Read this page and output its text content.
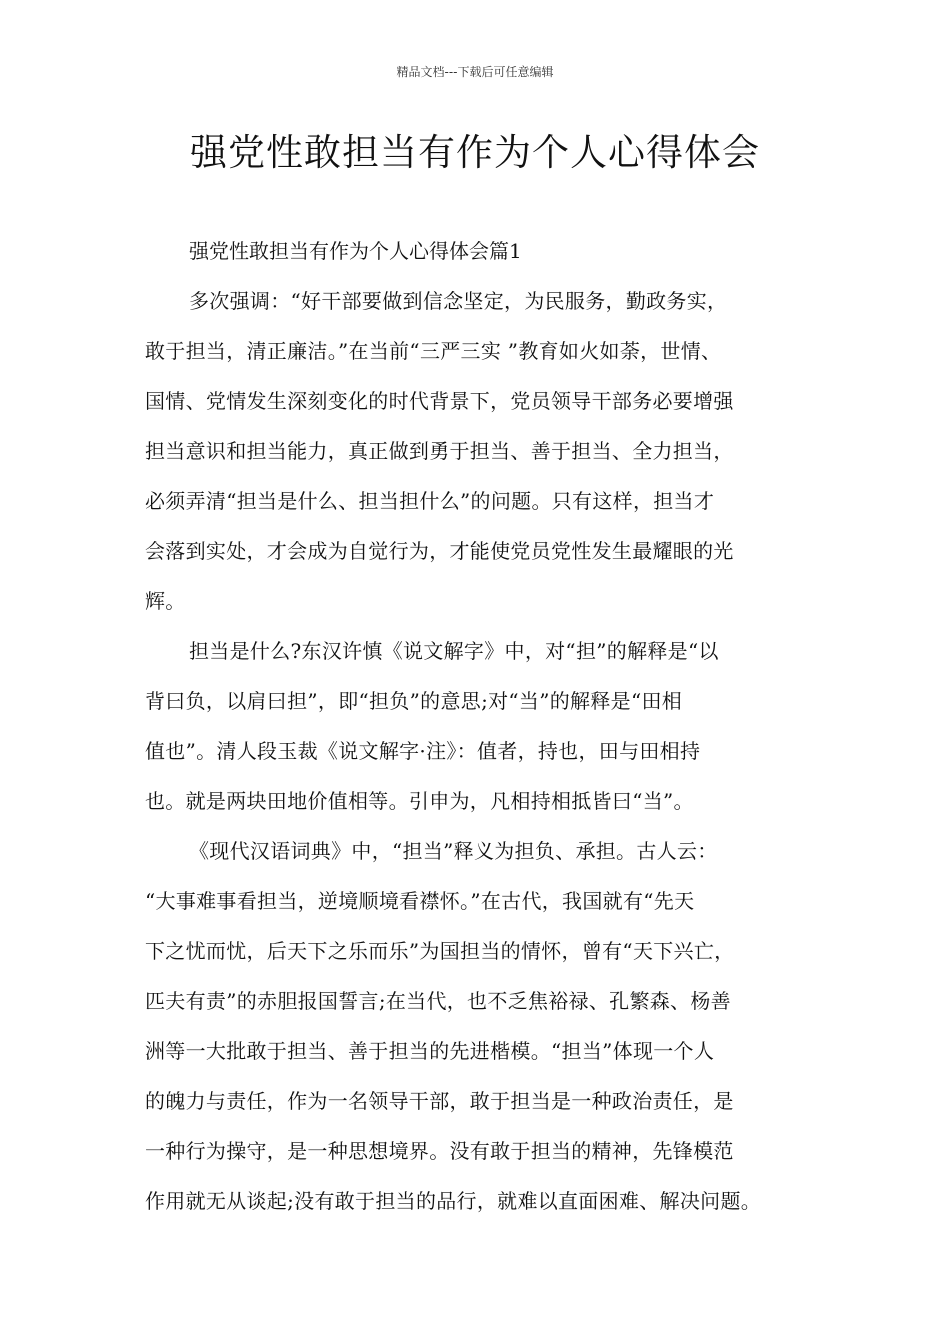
精品文档---下载后可任意编辑
强党性敢担当有作为个人心得体会

强党性敢担当有作为个人心得体会篇1

多次强调：“好干部要做到信念坚定，为民服务，勤政务实，
敢于担当，清正廉洁。”在当前“三严三实 ”教育如火如荼，世情、
国情、党情发生深刻变化的时代背景下，党员领导干部务必要增强
担当意识和担当能力，真正做到勇于担当、善于担当、全力担当，
必须弄清“担当是什么、担当担什么”的问题。只有这样，担当才
会落到实处，才会成为自觉行为，才能使党员党性发生最耀眼的光
辉。

担当是什么?东汉许慎《说文解字》中，对“担”的解释是“以
背曰负，以肩曰担”，即“担负”的意思;对“当”的解释是“田相
值也”。清人段玉裁《说文解字·注》：值者，持也，田与田相持
也。就是两块田地价值相等。引申为，凡相持相抵皆曰“当”。

《现代汉语词典》中，“担当”释义为担负、承担。古人云：
“大事难事看担当，逆境顺境看襟怀。”在古代，我国就有“先天
下之忧而忧，后天下之乐而乐”为国担当的情怀，曾有“天下兴亡，
匹夫有责”的赤胆报国誓言;在当代，也不乏焦裕禄、孔繁森、杨善
洲等一大批敢于担当、善于担当的先进楷模。“担当”体现一个人
的魄力与责任，作为一名领导干部，敢于担当是一种政治责任，是
一种行为操守，是一种思想境界。没有敢于担当的精神，先锋模范
作用就无从谈起;没有敢于担当的品行，就难以直面困难、解决问题。
